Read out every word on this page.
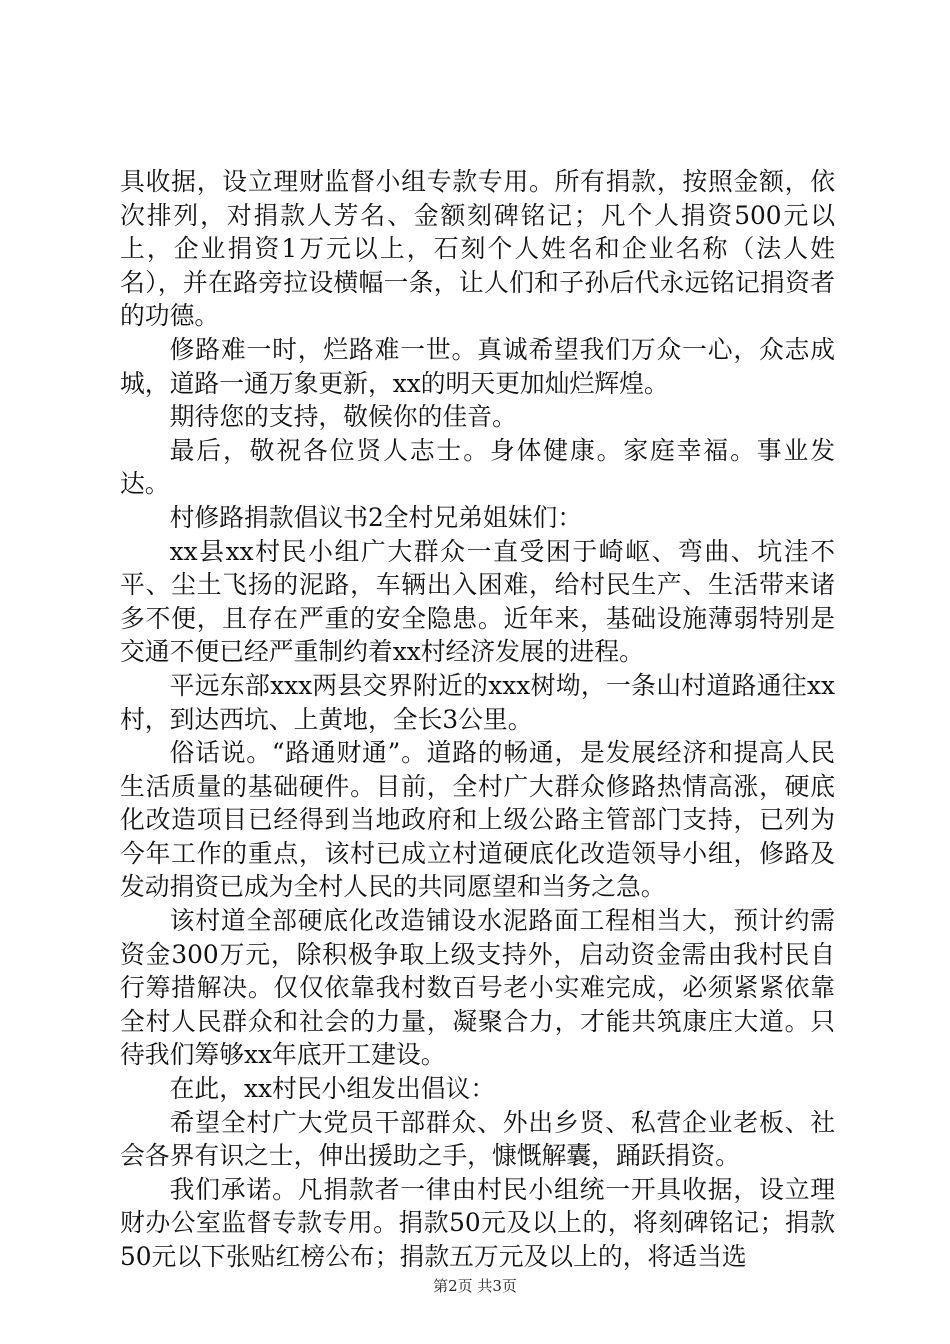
具收据，设立理财监督小组专款专用。所有捐款，按照金额，依次排列，对捐款人芳名、金额刻碑铭记；凡个人捐资500元以上，企业捐资1万元以上，石刻个人姓名和企业名称（法人姓名），并在路旁拉设横幅一条，让人们和子孙后代永远铭记捐资者的功德。

修路难一时，烂路难一世。真诚希望我们万众一心，众志成城，道路一通万象更新，xx的明天更加灿烂辉煌。

期待您的支持，敬候你的佳音。

最后，敬祝各位贤人志士。身体健康。家庭幸福。事业发达。

村修路捐款倡议书2全村兄弟姐妹们：

xx县xx村民小组广大群众一直受困于崎岖、弯曲、坑洼不平、尘土飞扬的泥路，车辆出入困难，给村民生产、生活带来诸多不便，且存在严重的安全隐患。近年来，基础设施薄弱特别是交通不便已经严重制约着xx村经济发展的进程。

平远东部xxx两县交界附近的xxx树坳，一条山村道路通往xx村，到达西坑、上黄地，全长3公里。

俗话说。“路通财通”。道路的畅通，是发展经济和提高人民生活质量的基础硬件。目前，全村广大群众修路热情高涨，硬底化改造项目已经得到当地政府和上级公路主管部门支持，已列为今年工作的重点，该村已成立村道硬底化改造领导小组，修路及发动捐资已成为全村人民的共同愿望和当务之急。

该村道全部硬底化改造铺设水泥路面工程相当大，预计约需资金300万元，除积极争取上级支持外，启动资金需由我村民自行筹措解决。仅仅依靠我村数百号老小实难完成，必须紧紧依靠全村人民群众和社会的力量，凝聚合力，才能共筑康庄大道。只待我们筹够xx年底开工建设。

在此，xx村民小组发出倡议：

希望全村广大党员干部群众、外出乡贤、私营企业老板、社会各界有识之士，伸出援助之手，慷慨解囊，踊跃捐资。

我们承诺。凡捐款者一律由村民小组统一开具收据，设立理财办公室监督专款专用。捐款50元及以上的，将刻碑铭记；捐款50元以下张贴红榜公布；捐款五万元及以上的，将适当选

第2页 共3页
